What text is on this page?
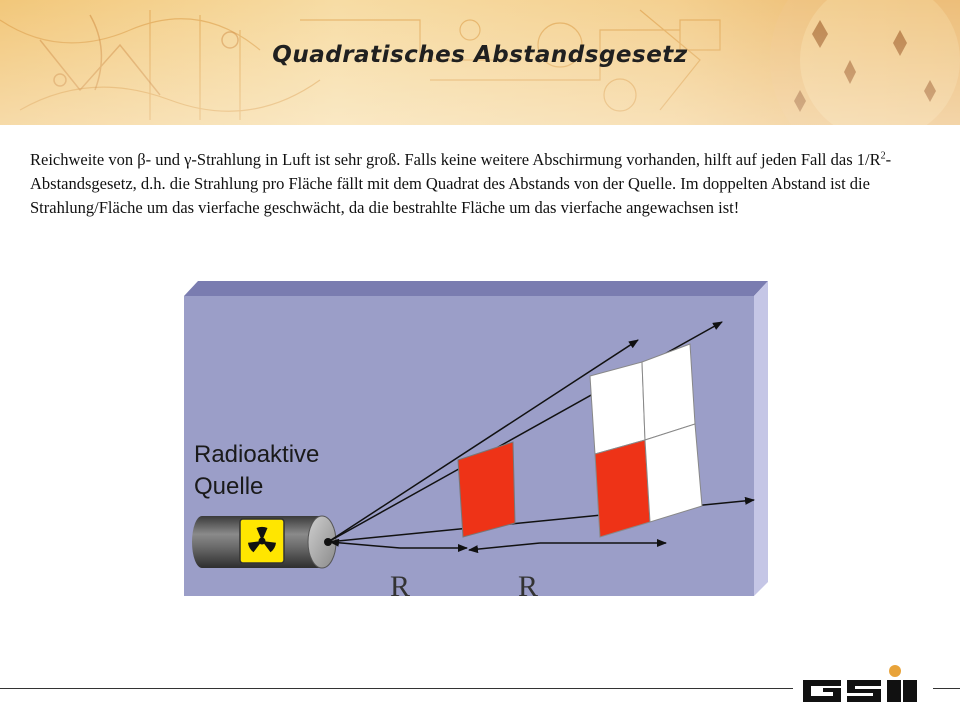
Quadratisches Abstandsgesetz
Reichweite von β- und γ-Strahlung in Luft ist sehr groß. Falls keine weitere Abschirmung vorhanden, hilft auf jeden Fall das $1/R^2$-Abstandsgesetz, d.h. die Strahlung pro Fläche fällt mit dem Quadrat des Abstands von der Quelle. Im doppelten Abstand ist die Strahlung/Fläche um das vierfache geschwächt, da die bestrahlte Fläche um das vierfache angewachsen ist!
Radioaktive
Quelle
R	R
